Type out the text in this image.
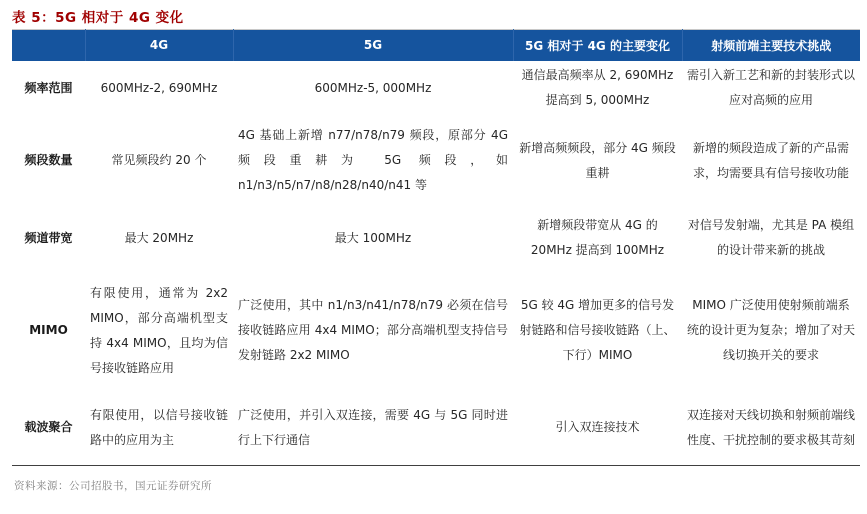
表 5：5G 相对于 4G 变化
	4G	5G	5G 相对于 4G 的主要变化	射频前端主要技术挑战
频率范围	600MHz-2, 690MHz	600MHz-5, 000MHz	通信最高频率从 2, 690MHz 提高到 5, 000MHz	需引入新工艺和新的封装形式以应对高频的应用
频段数量	常见频段约 20 个	4G 基础上新增 n77/n78/n79 频段，原部分 4G 频段重耕为 5G 频段，如 n1/n3/n5/n7/n8/n28/n40/n41 等	新增高频频段，部分 4G 频段重耕	新增的频段造成了新的产品需求，均需要具有信号接收功能
频道带宽	最大 20MHz	最大 100MHz	新增频段带宽从 4G 的 20MHz 提高到 100MHz	对信号发射端，尤其是 PA 模组的设计带来新的挑战
MIMO	有限使用，通常为 2x2 MIMO，部分高端机型支持 4x4 MIMO，且均为信号接收链路应用	广泛使用，其中 n1/n3/n41/n78/n79 必须在信号接收链路应用 4x4 MIMO；部分高端机型支持信号发射链路 2x2 MIMO	5G 较 4G 增加更多的信号发射链路和信号接收链路（上、下行）MIMO	MIMO 广泛使用使射频前端系统的设计更为复杂；增加了对天线切换开关的要求
载波聚合	有限使用，以信号接收链路中的应用为主	广泛使用，并引入双连接，需要 4G 与 5G 同时进行上下行通信	引入双连接技术	双连接对天线切换和射频前端线性度、干扰控制的要求极其苛刻
资料来源：公司招股书，国元证券研究所
